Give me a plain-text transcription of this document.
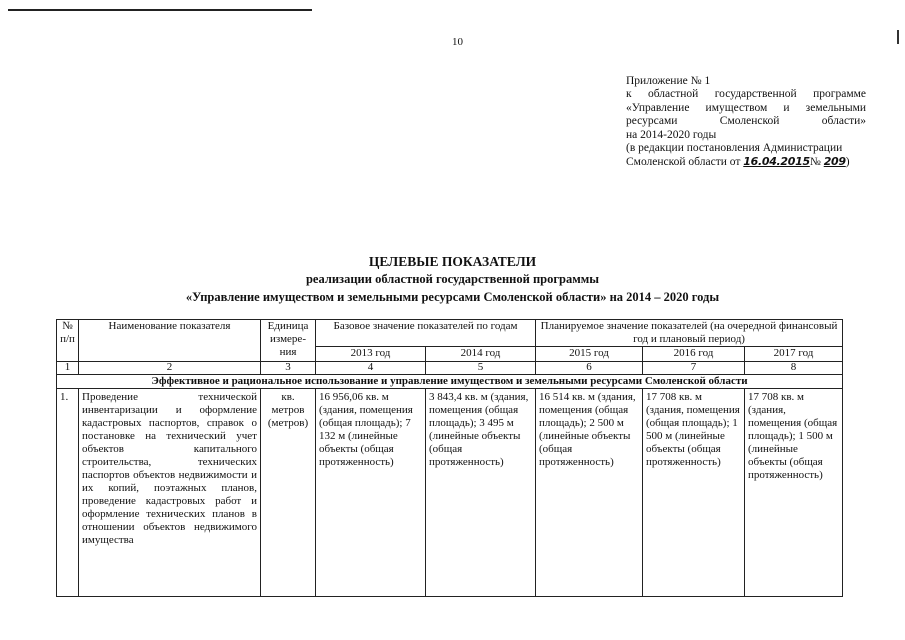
10
Приложение № 1
к областной государственной программе
«Управление имуществом и земельными
ресурсами Смоленской области»
на 2014-2020 годы
(в редакции постановления Администрации
Смоленской области от 16.04.2015№ 209)
ЦЕЛЕВЫЕ ПОКАЗАТЕЛИ
реализации областной государственной программы
«Управление имуществом и земельными ресурсами Смоленской области» на 2014 – 2020 годы
№ п/п	Наименование показателя	Единица измере-ния	Базовое значение показателей по годам		Планируемое значение показателей (на очередной финансовый год и плановый период)		
			2013 год	2014 год	2015 год	2016 год	2017 год
1	2	3	4	5	6	7	8
Эффективное и рациональное использование и управление имуществом и земельными ресурсами Смоленской области							
1.	Проведение технической инвентаризации и оформление кадастровых паспортов, справок о постановке на технический учет объектов капитального строительства, технических паспортов объектов недвижимости и их копий, поэтажных планов, проведение кадастровых работ и оформление технических планов в отношении объектов недвижимого имущества	кв. метров (метров)	16 956,06 кв. м (здания, помещения (общая площадь); 7 132 м (линейные объекты (общая протяженность)	3 843,4 кв. м (здания, помещения (общая площадь); 3 495 м (линейные объекты (общая протяженность)	16 514 кв. м (здания, помещения (общая площадь); 2 500 м (линейные объекты (общая протяженность)	17 708 кв. м (здания, помещения (общая площадь); 1 500 м (линейные объекты (общая протяженность)	17 708 кв. м (здания, помещения (общая площадь); 1 500 м (линейные объекты (общая протяженность)
